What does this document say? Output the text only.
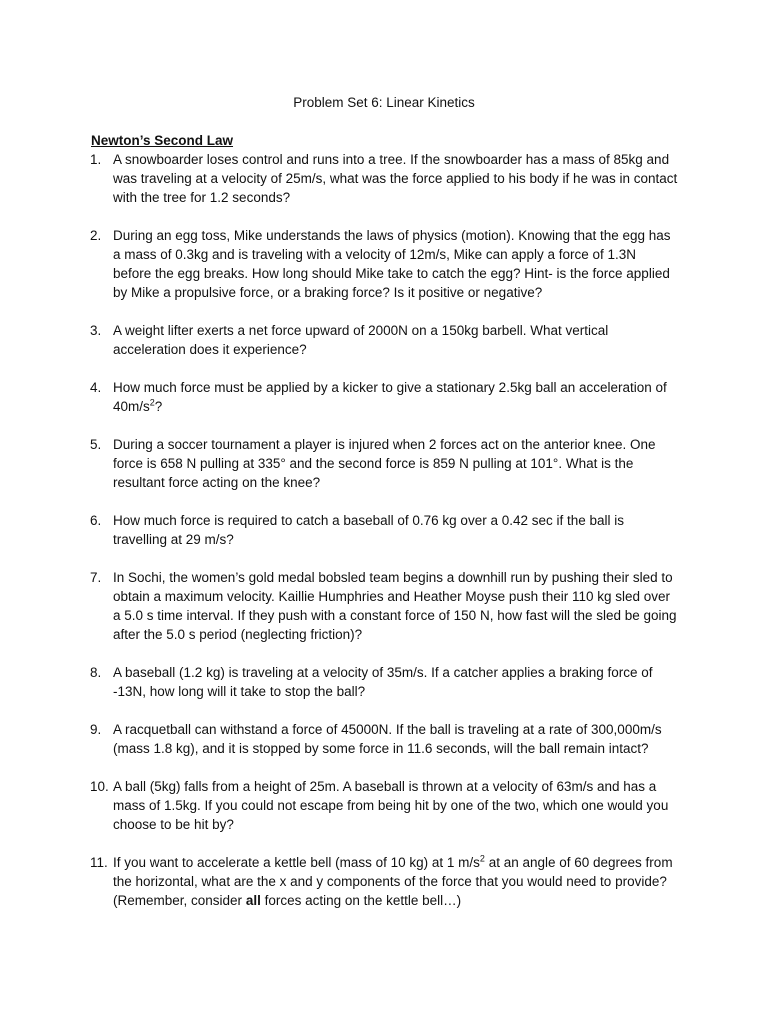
Problem Set 6: Linear Kinetics
Newton’s Second Law
1. A snowboarder loses control and runs into a tree. If the snowboarder has a mass of 85kg and was traveling at a velocity of 25m/s, what was the force applied to his body if he was in contact with the tree for 1.2 seconds?
2. During an egg toss, Mike understands the laws of physics (motion). Knowing that the egg has a mass of 0.3kg and is traveling with a velocity of 12m/s, Mike can apply a force of 1.3N before the egg breaks. How long should Mike take to catch the egg? Hint- is the force applied by Mike a propulsive force, or a braking force? Is it positive or negative?
3. A weight lifter exerts a net force upward of 2000N on a 150kg barbell. What vertical acceleration does it experience?
4. How much force must be applied by a kicker to give a stationary 2.5kg ball an acceleration of $40m/s^2$?
5. During a soccer tournament a player is injured when 2 forces act on the anterior knee. One force is 658 N pulling at 335° and the second force is 859 N pulling at 101°. What is the resultant force acting on the knee?
6. How much force is required to catch a baseball of 0.76 kg over a 0.42 sec if the ball is travelling at 29 m/s?
7. In Sochi, the women’s gold medal bobsled team begins a downhill run by pushing their sled to obtain a maximum velocity. Kaillie Humphries and Heather Moyse push their 110 kg sled over a 5.0 s time interval. If they push with a constant force of 150 N, how fast will the sled be going after the 5.0 s period (neglecting friction)?
8. A baseball (1.2 kg) is traveling at a velocity of 35m/s. If a catcher applies a braking force of -13N, how long will it take to stop the ball?
9. A racquetball can withstand a force of 45000N. If the ball is traveling at a rate of 300,000m/s (mass 1.8 kg), and it is stopped by some force in 11.6 seconds, will the ball remain intact?
10. A ball (5kg) falls from a height of 25m. A baseball is thrown at a velocity of 63m/s and has a mass of 1.5kg. If you could not escape from being hit by one of the two, which one would you choose to be hit by?
11. If you want to accelerate a kettle bell (mass of 10 kg) at 1 $m/s^2$ at an angle of 60 degrees from the horizontal, what are the x and y components of the force that you would need to provide? (Remember, consider all forces acting on the kettle bell…)
